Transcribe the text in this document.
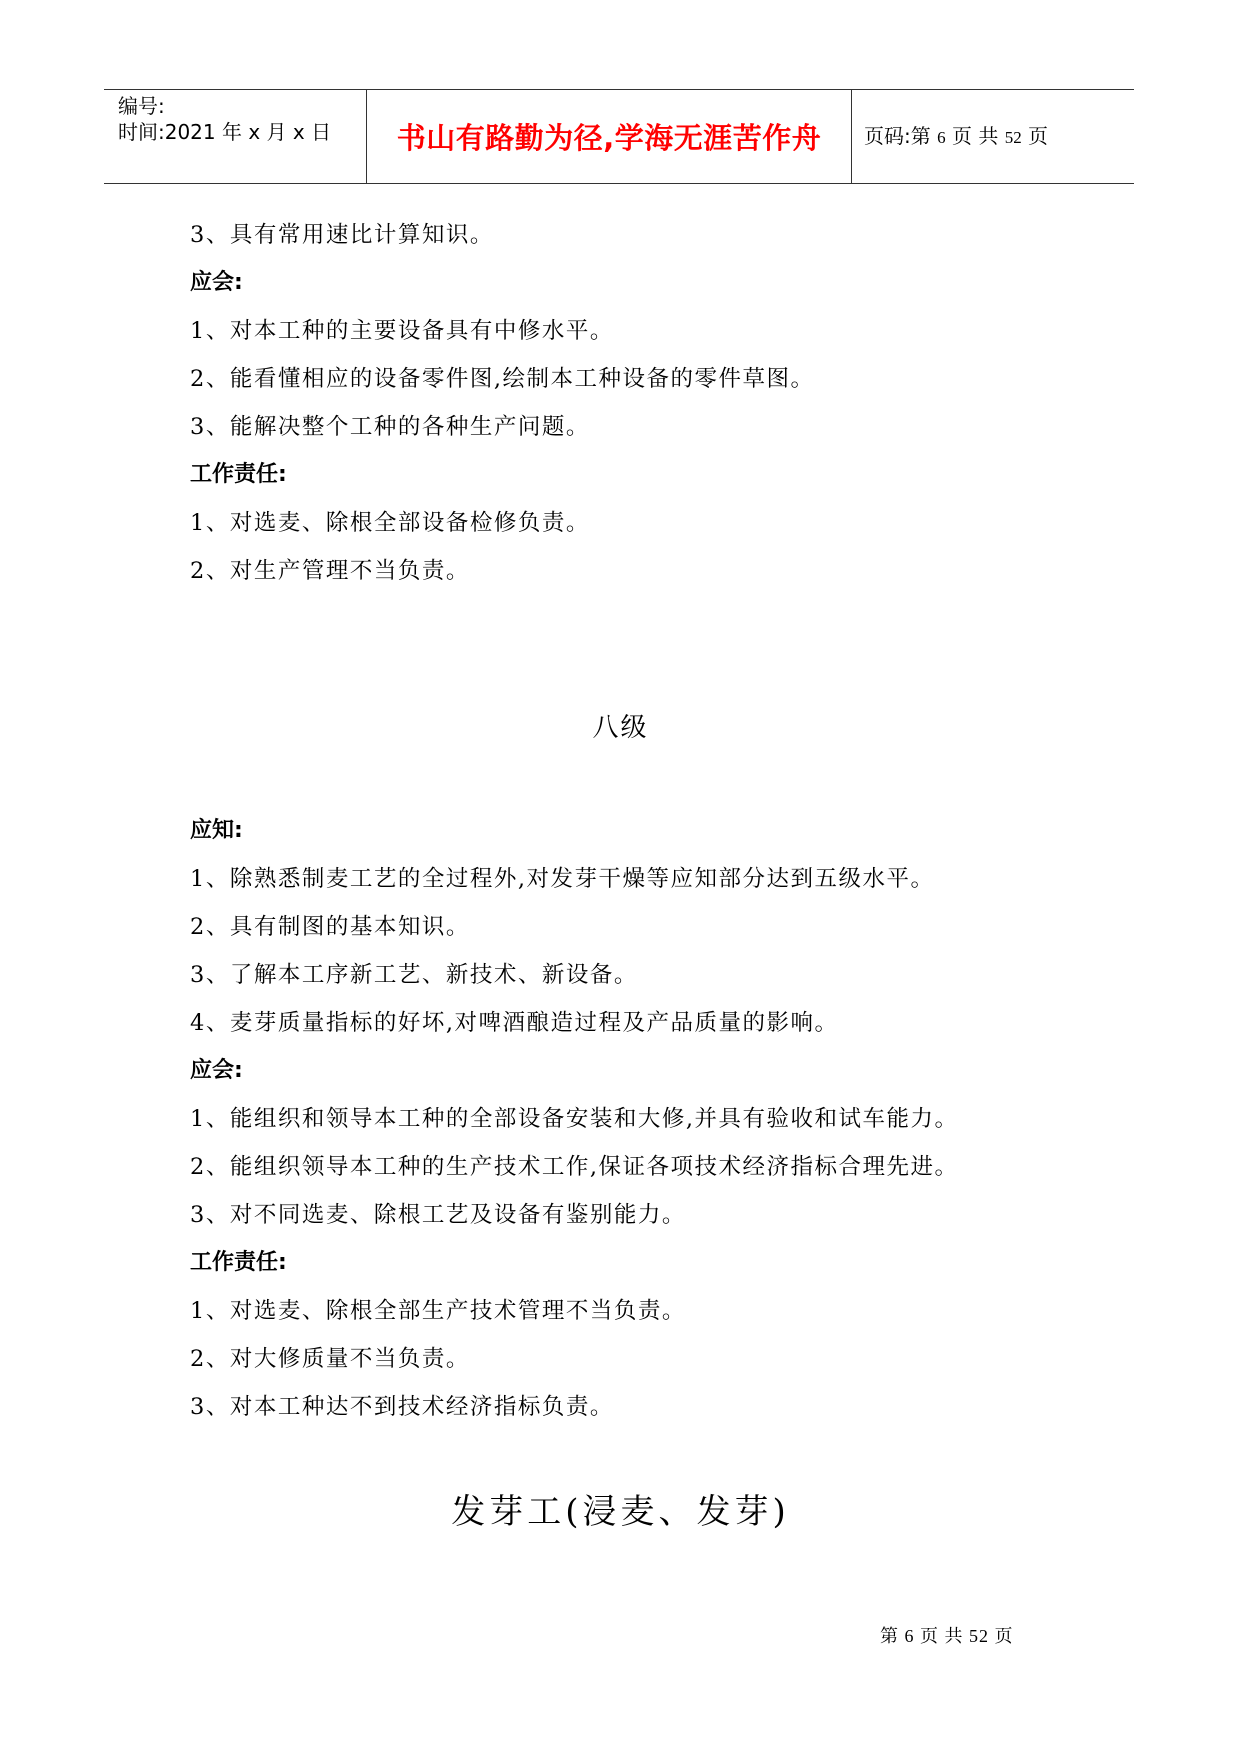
编号:
时间:2021 年 x 月 x 日	书山有路勤为径,学海无涯苦作舟	页码:第 6 页 共 52 页
3、具有常用速比计算知识。
应会:
1、对本工种的主要设备具有中修水平。
2、能看懂相应的设备零件图,绘制本工种设备的零件草图。
3、能解决整个工种的各种生产问题。
工作责任:
1、对选麦、除根全部设备检修负责。
2、对生产管理不当负责。
应知:
1、除熟悉制麦工艺的全过程外,对发芽干燥等应知部分达到五级水平。
2、具有制图的基本知识。
3、了解本工序新工艺、新技术、新设备。
4、麦芽质量指标的好坏,对啤酒酿造过程及产品质量的影响。
应会:
1、能组织和领导本工种的全部设备安装和大修,并具有验收和试车能力。
2、能组织领导本工种的生产技术工作,保证各项技术经济指标合理先进。
3、对不同选麦、除根工艺及设备有鉴别能力。
工作责任:
1、对选麦、除根全部生产技术管理不当负责。
2、对大修质量不当负责。
3、对本工种达不到技术经济指标负责。
八级
发芽工(浸麦、发芽)
第 6 页 共 52 页
